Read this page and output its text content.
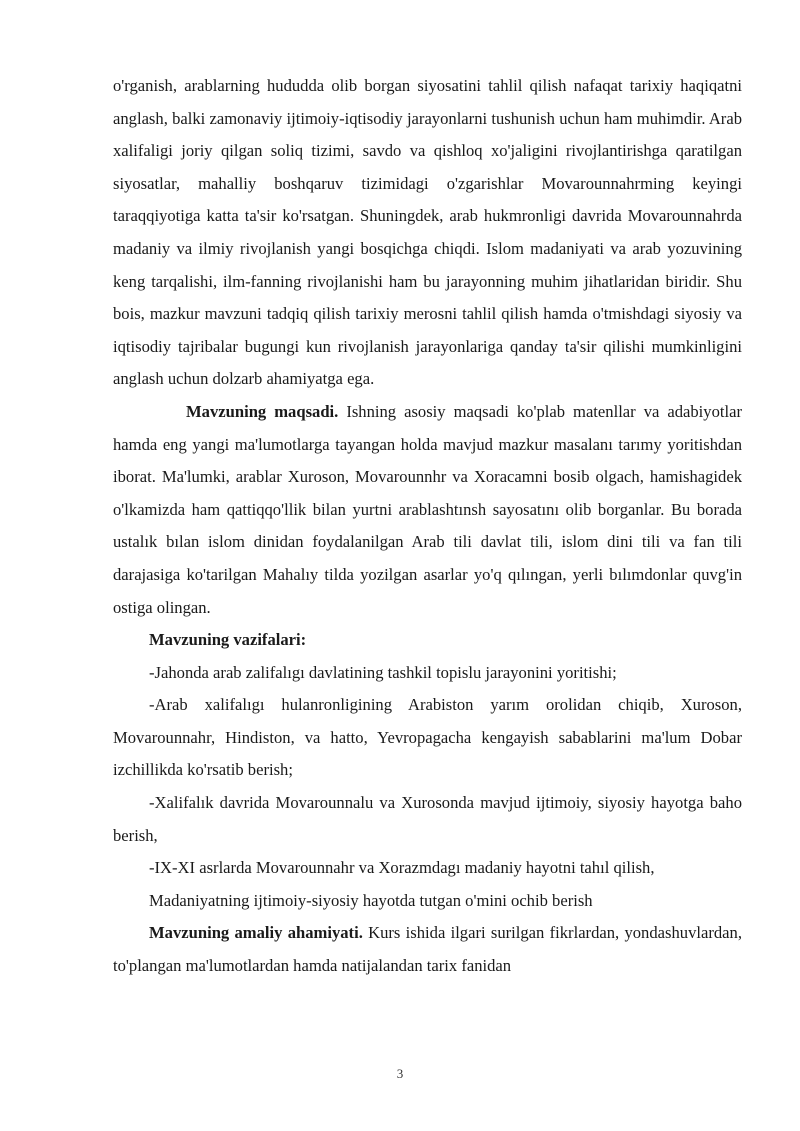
o'rganish, arablarning hududda olib borgan siyosatini tahlil qilish nafaqat tarixiy haqiqatni anglash, balki zamonaviy ijtimoiy-iqtisodiy jarayonlarni tushunish uchun ham muhimdir. Arab xalifaligi joriy qilgan soliq tizimi, savdo va qishloq xo'jaligini rivojlantirishga qaratilgan siyosatlar, mahalliy boshqaruv tizimidagi o'zgarishlar Movarounnahrming keyingi taraqqiyotiga katta ta'sir ko'rsatgan. Shuningdek, arab hukmronligi davrida Movarounnahrda madaniy va ilmiy rivojlanish yangi bosqichga chiqdi. Islom madaniyati va arab yozuvining keng tarqalishi, ilm-fanning rivojlanishi ham bu jarayonning muhim jihatlaridan biridir. Shu bois, mazkur mavzuni tadqiq qilish tarixiy merosni tahlil qilish hamda o'tmishdagi siyosiy va iqtisodiy tajribalar bugungi kun rivojlanish jarayonlariga qanday ta'sir qilishi mumkinligini anglash uchun dolzarb ahamiyatga ega.

Mavzuning maqsadi. Ishning asosiy maqsadi ko'plab matenllar va adabiyotlar hamda eng yangi ma'lumotlarga tayangan holda mavjud mazkur masalanı tarımy yoritishdan iborat. Ma'lumki, arablar Xuroson, Movarounnhr va Xoracamni bosib olgach, hamishagidek o'lkamizda ham qattiqqo'llik bilan yurtni arablashtınsh sayosatını olib borganlar. Bu borada ustalık bılan islom dinidan foydalanilgan Arab tili davlat tili, islom dini tili va fan tili darajasiga ko'tarilgan Mahalıy tilda yozilgan asarlar yo'q qılıngan, yerli bılımdonlar quvg'in ostiga olingan.

Mavzuning vazifalari:

-Jahonda arab zalifalıgı davlatining tashkil topislu jarayonini yoritishi;

-Arab xalifalıgı hulanronligining Arabiston yarım orolidan chiqib, Xuroson, Movarounnahr, Hindiston, va hatto, Yevropagacha kengayish sabablarini ma'lum Dobar izchillikda ko'rsatib berish;

-Xalifalık davrida Movarounnalu va Xurosonda mavjud ijtimoiy, siyosiy hayotga baho berish,

-IX-XI asrlarda Movarounnahr va Xorazmdagı madaniy hayotni tahıl qilish,

Madaniyatning ijtimoiy-siyosiy hayotda tutgan o'mini ochib berish

Mavzuning amaliy ahamiyati. Kurs ishida ilgari surilgan fikrlardan, yondashuvlardan, to'plangan ma'lumotlardan hamda natijalandan tarix fanidan

3
